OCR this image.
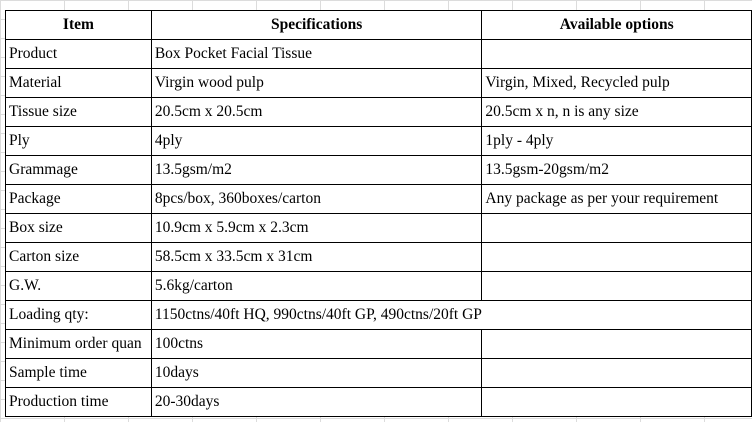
Item	Specifications	Available options
Product	Box Pocket Facial Tissue	
Material	Virgin wood pulp	Virgin, Mixed, Recycled pulp
Tissue size	20.5cm x 20.5cm	20.5cm x n, n is any size
Ply	4ply	1ply - 4ply
Grammage	13.5gsm/m2	13.5gsm-20gsm/m2
Package	8pcs/box, 360boxes/carton	Any package as per your requirement
Box size	10.9cm x 5.9cm x 2.3cm	
Carton size	58.5cm x 33.5cm x 31cm	
G.W.	5.6kg/carton	
Loading qty:	1150ctns/40ft HQ, 990ctns/40ft GP, 490ctns/20ft GP	
Minimum order quan	100ctns	
Sample time	10days	
Production time	20-30days	
